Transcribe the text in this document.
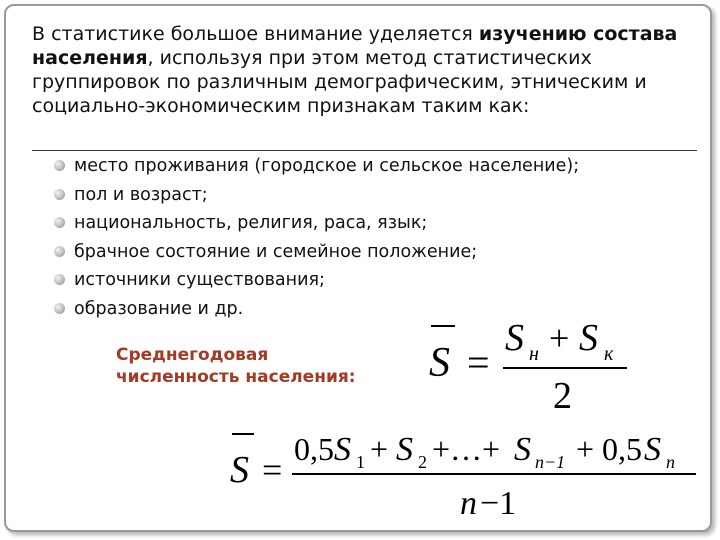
В статистике большое внимание уделяется изучению состава населения, используя при этом метод статистических группировок по различным демографическим, этническим и социально-экономическим признакам таким как:

место проживания (городское и сельское население);
пол и возраст;
национальность, религия, раса, язык;
брачное состояние и семейное положение;
источники существования;
образование и др.

Среднегодовая
численность населения:	S =
S н + S к
2
S =
0,5 S 1 + S 2 +…+ S n−1 + 0,5 S n
n −1
